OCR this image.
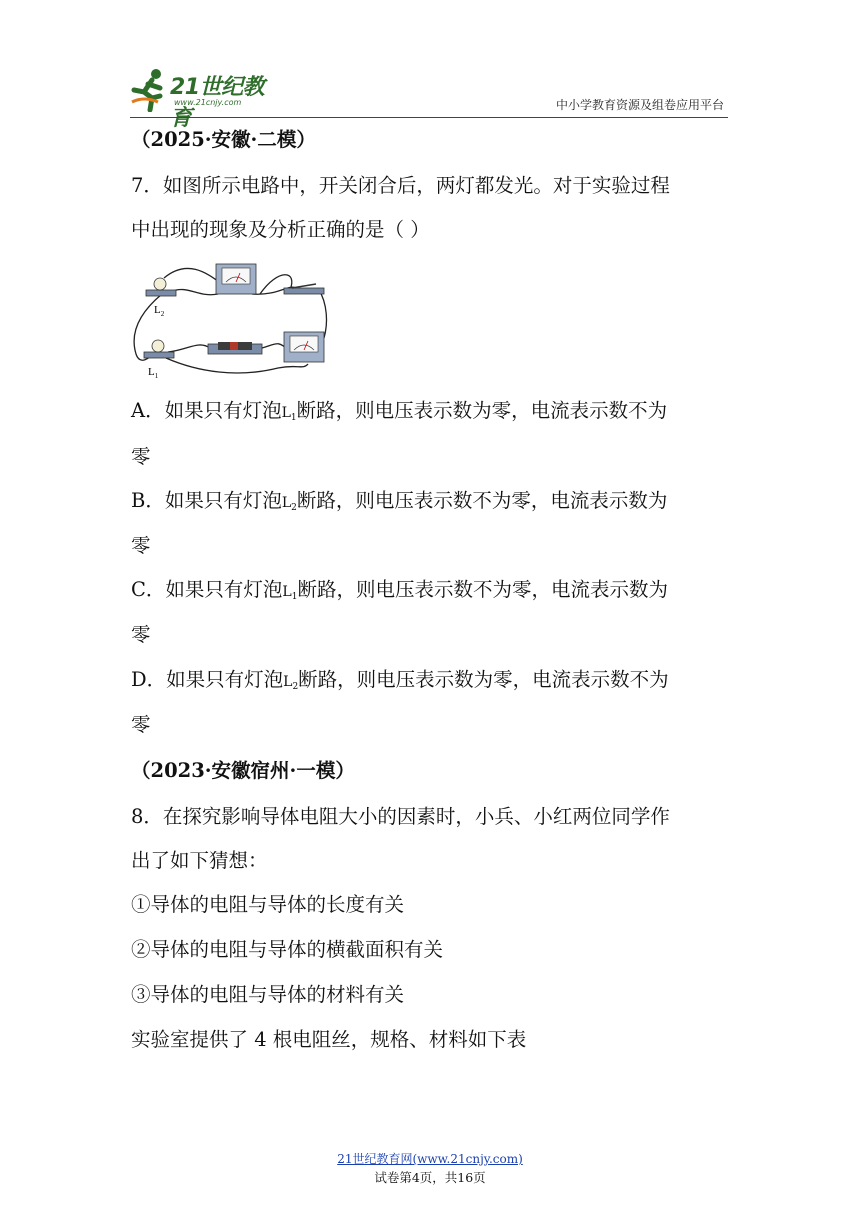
21世纪教育
www.21cnjy.com	中小学教育资源及组卷应用平台
（2025·安徽·二模）
7．如图所示电路中，开关闭合后，两灯都发光。对于实验过程
中出现的现象及分析正确的是（ ）
$L_2$
$L_1$
A．如果只有灯泡$L_1$断路，则电压表示数为零，电流表示数不为
零
B．如果只有灯泡$L_2$断路，则电压表示数不为零，电流表示数为
零
C．如果只有灯泡$L_1$断路，则电压表示数不为零，电流表示数为
零
D．如果只有灯泡$L_2$断路，则电压表示数为零，电流表示数不为
零
（2023·安徽宿州·一模）
8．在探究影响导体电阻大小的因素时，小兵、小红两位同学作
出了如下猜想：
①导体的电阻与导体的长度有关
②导体的电阻与导体的横截面积有关
③导体的电阻与导体的材料有关
实验室提供了 4 根电阻丝，规格、材料如下表
21世纪教育网(www.21cnjy.com)
试卷第4页，共16页
